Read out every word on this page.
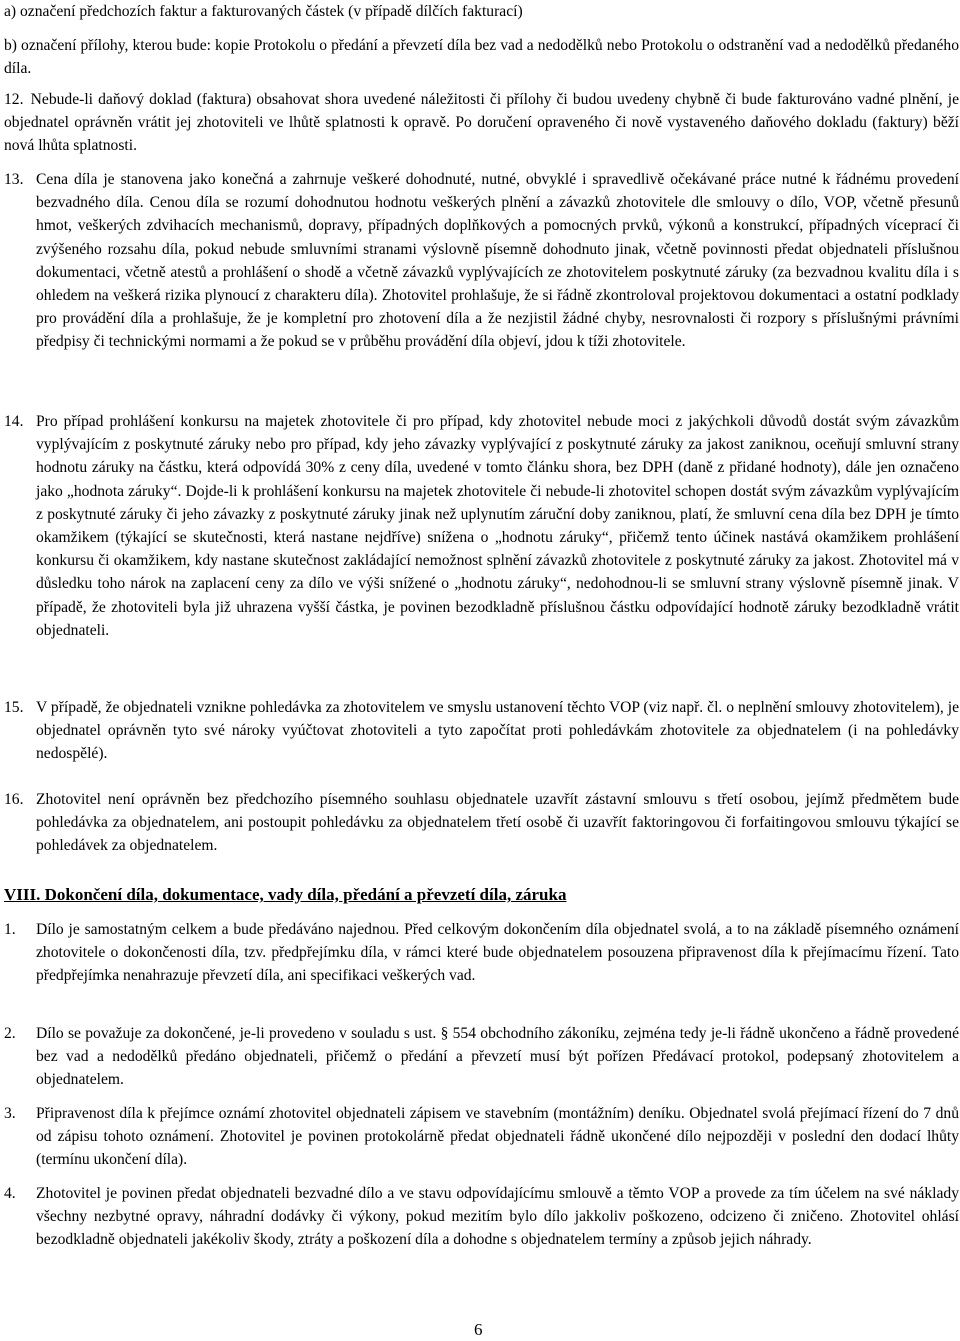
a) označení předchozích faktur a fakturovaných částek (v případě dílčích fakturací)
b) označení přílohy, kterou bude: kopie Protokolu o předání a převzetí díla bez vad a nedodělků nebo Protokolu o odstranění vad a nedodělků předaného díla.
12. Nebude-li daňový doklad (faktura) obsahovat shora uvedené náležitosti či přílohy či budou uvedeny chybně či bude fakturováno vadné plnění, je objednatel oprávněn vrátit jej zhotoviteli ve lhůtě splatnosti k opravě. Po doručení opraveného či nově vystaveného daňového dokladu (faktury) běží nová lhůta splatnosti.
13. Cena díla je stanovena jako konečná a zahrnuje veškeré dohodnuté, nutné, obvyklé i spravedlivě očekávané práce nutné k řádnému provedení bezvadného díla. Cenou díla se rozumí dohodnutou hodnotu veškerých plnění a závazků zhotovitele dle smlouvy o dílo, VOP, včetně přesunů hmot, veškerých zdvihacích mechanismů, dopravy, případných doplňkových a pomocných prvků, výkonů a konstrukcí, případných víceprací či zvýšeného rozsahu díla, pokud nebude smluvními stranami výslovně písemně dohodnuto jinak, včetně povinnosti předat objednateli příslušnou dokumentaci, včetně atestů a prohlášení o shodě a včetně závazků vyplývajících ze zhotovitelem poskytnuté záruky (za bezvadnou kvalitu díla i s ohledem na veškerá rizika plynoucí z charakteru díla). Zhotovitel prohlašuje, že si řádně zkontroloval projektovou dokumentaci a ostatní podklady pro provádění díla a prohlašuje, že je kompletní pro zhotovení díla a že nezjistil žádné chyby, nesrovnalosti či rozpory s příslušnými právními předpisy či technickými normami a že pokud se v průběhu provádění díla objeví, jdou k tíži zhotovitele.
14. Pro případ prohlášení konkursu na majetek zhotovitele či pro případ, kdy zhotovitel nebude moci z jakýchkoli důvodů dostát svým závazkům vyplývajícím z poskytnuté záruky nebo pro případ, kdy jeho závazky vyplývající z poskytnuté záruky za jakost zaniknou, oceňují smluvní strany hodnotu záruky na částku, která odpovídá 30% z ceny díla, uvedené v tomto článku shora, bez DPH (daně z přidané hodnoty), dále jen označeno jako „hodnota záruky“. Dojde-li k prohlášení konkursu na majetek zhotovitele či nebude-li zhotovitel schopen dostát svým závazkům vyplývajícím z poskytnuté záruky či jeho závazky z poskytnuté záruky jinak než uplynutím záruční doby zaniknou, platí, že smluvní cena díla bez DPH je tímto okamžikem (týkající se skutečnosti, která nastane nejdříve) snížena o „hodnotu záruky“, přičemž tento účinek nastává okamžikem prohlášení konkursu či okamžikem, kdy nastane skutečnost zakládající nemožnost splnění závazků zhotovitele z poskytnuté záruky za jakost. Zhotovitel má v důsledku toho nárok na zaplacení ceny za dílo ve výši snížené o „hodnotu záruky“, nedohodnou-li se smluvní strany výslovně písemně jinak. V případě, že zhotoviteli byla již uhrazena vyšší částka, je povinen bezodkladně příslušnou částku odpovídající hodnotě záruky bezodkladně vrátit objednateli.
15. V případě, že objednateli vznikne pohledávka za zhotovitelem ve smyslu ustanovení těchto VOP (viz např. čl. o neplnění smlouvy zhotovitelem), je objednatel oprávněn tyto své nároky vyúčtovat zhotoviteli a tyto započítat proti pohledávkám zhotovitele za objednatelem (i na pohledávky nedospělé).
16. Zhotovitel není oprávněn bez předchozího písemného souhlasu objednatele uzavřít zástavní smlouvu s třetí osobou, jejímž předmětem bude pohledávka za objednatelem, ani postoupit pohledávku za objednatelem třetí osobě či uzavřít faktoringovou či forfaitingovou smlouvu týkající se pohledávek za objednatelem.
VIII. Dokončení díla, dokumentace, vady díla, předání a převzetí díla, záruka
1. Dílo je samostatným celkem a bude předáváno najednou. Před celkovým dokončením díla objednatel svolá, a to na základě písemného oznámení zhotovitele o dokončenosti díla, tzv. předpřejímku díla, v rámci které bude objednatelem posouzena připravenost díla k přejímacímu řízení. Tato předpřejímka nenahrazuje převzetí díla, ani specifikaci veškerých vad.
2. Dílo se považuje za dokončené, je-li provedeno v souladu s ust. § 554 obchodního zákoníku, zejména tedy je-li řádně ukončeno a řádně provedené bez vad a nedodělků předáno objednateli, přičemž o předání a převzetí musí být pořízen Předávací protokol, podepsaný zhotovitelem a objednatelem.
3. Připravenost díla k přejímce oznámí zhotovitel objednateli zápisem ve stavebním (montážním) deníku. Objednatel svolá přejímací řízení do 7 dnů od zápisu tohoto oznámení. Zhotovitel je povinen protokolárně předat objednateli řádně ukončené dílo nejpozději v poslední den dodací lhůty (termínu ukončení díla).
4. Zhotovitel je povinen předat objednateli bezvadné dílo a ve stavu odpovídajícímu smlouvě a těmto VOP a provede za tím účelem na své náklady všechny nezbytné opravy, náhradní dodávky či výkony, pokud mezitím bylo dílo jakkoliv poškozeno, odcizeno či zničeno. Zhotovitel ohlásí bezodkladně objednateli jakékoliv škody, ztráty a poškození díla a dohodne s objednatelem termíny a způsob jejich náhrady.
6
